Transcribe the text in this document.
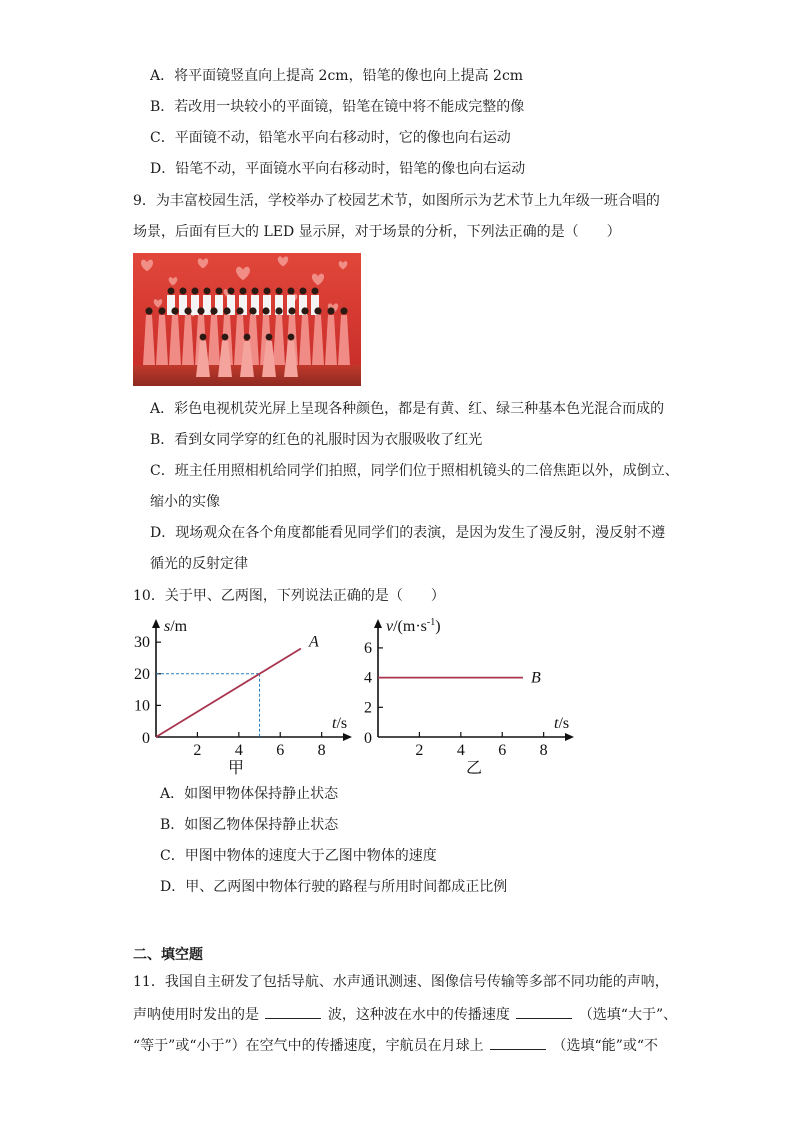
A．将平面镜竖直向上提高 2cm，铅笔的像也向上提高 2cm
B．若改用一块较小的平面镜，铅笔在镜中将不能成完整的像
C．平面镜不动，铅笔水平向右移动时，它的像也向右运动
D．铅笔不动，平面镜水平向右移动时，铅笔的像也向右运动
9．为丰富校园生活，学校举办了校园艺术节，如图所示为艺术节上九年级一班合唱的
场景，后面有巨大的 LED 显示屏，对于场景的分析，下列法正确的是（　　）
A．彩色电视机荧光屏上呈现各种颜色，都是有黄、红、绿三种基本色光混合而成的
B．看到女同学穿的红色的礼服时因为衣服吸收了红光
C．班主任用照相机给同学们拍照，同学们位于照相机镜头的二倍焦距以外，成倒立、
缩小的实像
D．现场观众在各个角度都能看见同学们的表演，是因为发生了漫反射，漫反射不遵
循光的反射定律
10．关于甲、乙两图，下列说法正确的是（　　）
2 4 6 8
10
20
30
0
s/m
t/s
A
甲
2 4 6 8
2
4
6
0
$v/(m\cdot s^{-1})$
t/s
B
乙
A．如图甲物体保持静止状态
B．如图乙物体保持静止状态
C．甲图中物体的速度大于乙图中物体的速度
D．甲、乙两图中物体行驶的路程与所用时间都成正比例
二、填空题
11．我国自主研发了包括导航、水声通讯测速、图像信号传输等多部不同功能的声呐，
声呐使用时发出的是	波，这种波在水中的传播速度	（选填“大于”、
“等于”或“小于”）在空气中的传播速度，宇航员在月球上	（选填“能”或“不
